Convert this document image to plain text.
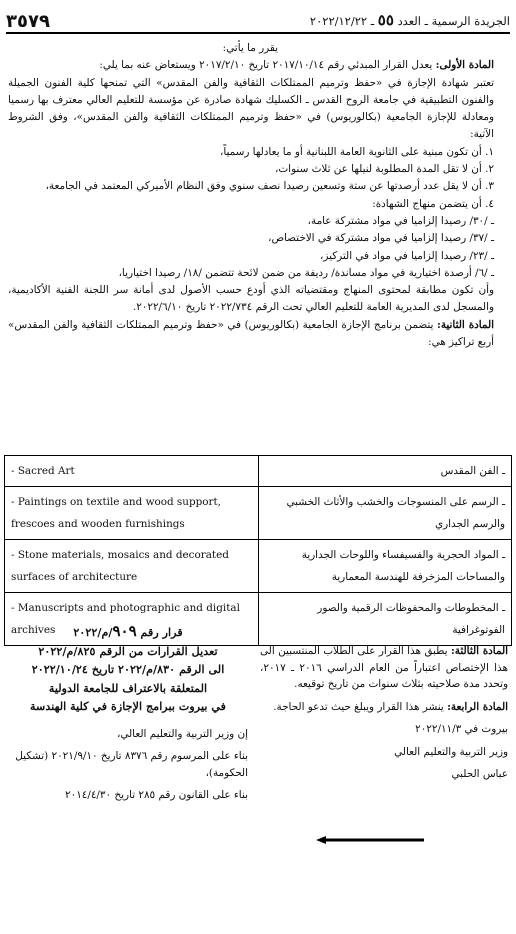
٣٥٧٩	الجريدة الرسمية ـ العدد ٥٥ ـ ٢٠٢٢/١٢/٢٢

يقرر ما يأتي:

المادة الأولى: يعدل القرار المبدئي رقم ٢٠١٧/١٠/١٤ تاريخ ٢٠١٧/٢/١٠ ويستعاض عنه بما يلي:

تعتبر شهادة الإجازة في «حفظ وترميم الممتلكات الثقافية والفن المقدس» التي تمنحها كلية الفنون الجميلة والفنون التطبيقية في جامعة الروح القدس ـ الكسليك شهادة صادرة عن مؤسسة للتعليم العالي معترف بها رسميا ومعادلة للإجازة الجامعية (بكالوريوس) في «حفظ وترميم الممتلكات الثقافية والفن المقدس»، وفق الشروط الآتية:

١. أن تكون مبنية على الثانوية العامة اللبنانية أو ما يعادلها رسمياً،

٢. أن لا تقل المدة المطلوبة لنيلها عن ثلاث سنوات،

٣. أن لا يقل عدد أرصدتها عن ستة وتسعين رصيدا نصف سنوي وفق النظام الأميركي المعتمد في الجامعة،

٤. أن يتضمن منهاج الشهادة:

ـ /٣٠/ رصيدا إلزاميا في مواد مشتركة عامة،

ـ /٣٧/ رصيدا إلزاميا في مواد مشتركة في الاختصاص،

ـ /٢٣/ رصيدا إلزاميا في مواد في التركيز،

ـ /٦/ أرصدة اختيارية في مواد مساندة/ رديفة من ضمن لائحة تتضمن /١٨/ رصيدا اختياريا،

وأن تكون مطابقة لمحتوى المنهاج ومقتضياته الذي أودع حسب الأصول لدى أمانة سر اللجنة الفنية الأكاديمية، والمسجل لدى المديرية العامة للتعليم العالي تحت الرقم ٢٠٢٢/٧٣٤ تاريخ ٢٠٢٢/٦/١٠.

المادة الثانية: يتضمن برنامج الإجازة الجامعية (بكالوريوس) في «حفظ وترميم الممتلكات الثقافية والفن المقدس» أربع تراكيز هي:

- Sacred Art	ـ الفن المقدس
- Paintings on textile and wood support, frescoes and wooden furnishings	ـ الرسم على المنسوجات والخشب والأثاث الخشبي والرسم الجداري
- Stone materials, mosaics and decorated surfaces of architecture	ـ المواد الحجرية والفسيفساء واللوحات الجدارية والمساحات المزخرفة للهندسة المعمارية
- Manuscripts and photographic and digital archives	ـ المخطوطات والمحفوظات الرقمية والصور الفوتوغرافية

المادة الثالثة: يطبق هذا القرار على الطلاب المنتسبين الى هذا الإختصاص اعتباراً من العام الدراسي ٢٠١٦ ـ ٢٠١٧، وتحدد مدة صلاحيته بثلاث سنوات من تاريخ توقيعه.

المادة الرابعة: ينشر هذا القرار ويبلغ حيث تدعو الحاجة.

بيروت في ٢٠٢٢/١١/٣

وزير التربية والتعليم العالي

عباس الحلبي

قرار رقم ٩٠٩/م/٢٠٢٢
تعديل القرارات من الرقم ٨٢٥/م/٢٠٢٢
الى الرقم ٨٣٠/م/٢٠٢٢ تاريخ ٢٠٢٢/١٠/٢٤
المتعلقة بالاعتراف للجامعة الدولية
في بيروت ببرامج الإجازة في كلية الهندسة

إن وزير التربية والتعليم العالي،

بناء على المرسوم رقم ٨٣٧٦ تاريخ ٢٠٢١/٩/١٠ (تشكيل الحكومة)،

بناء على القانون رقم ٢٨٥ تاريخ ٢٠١٤/٤/٣٠
